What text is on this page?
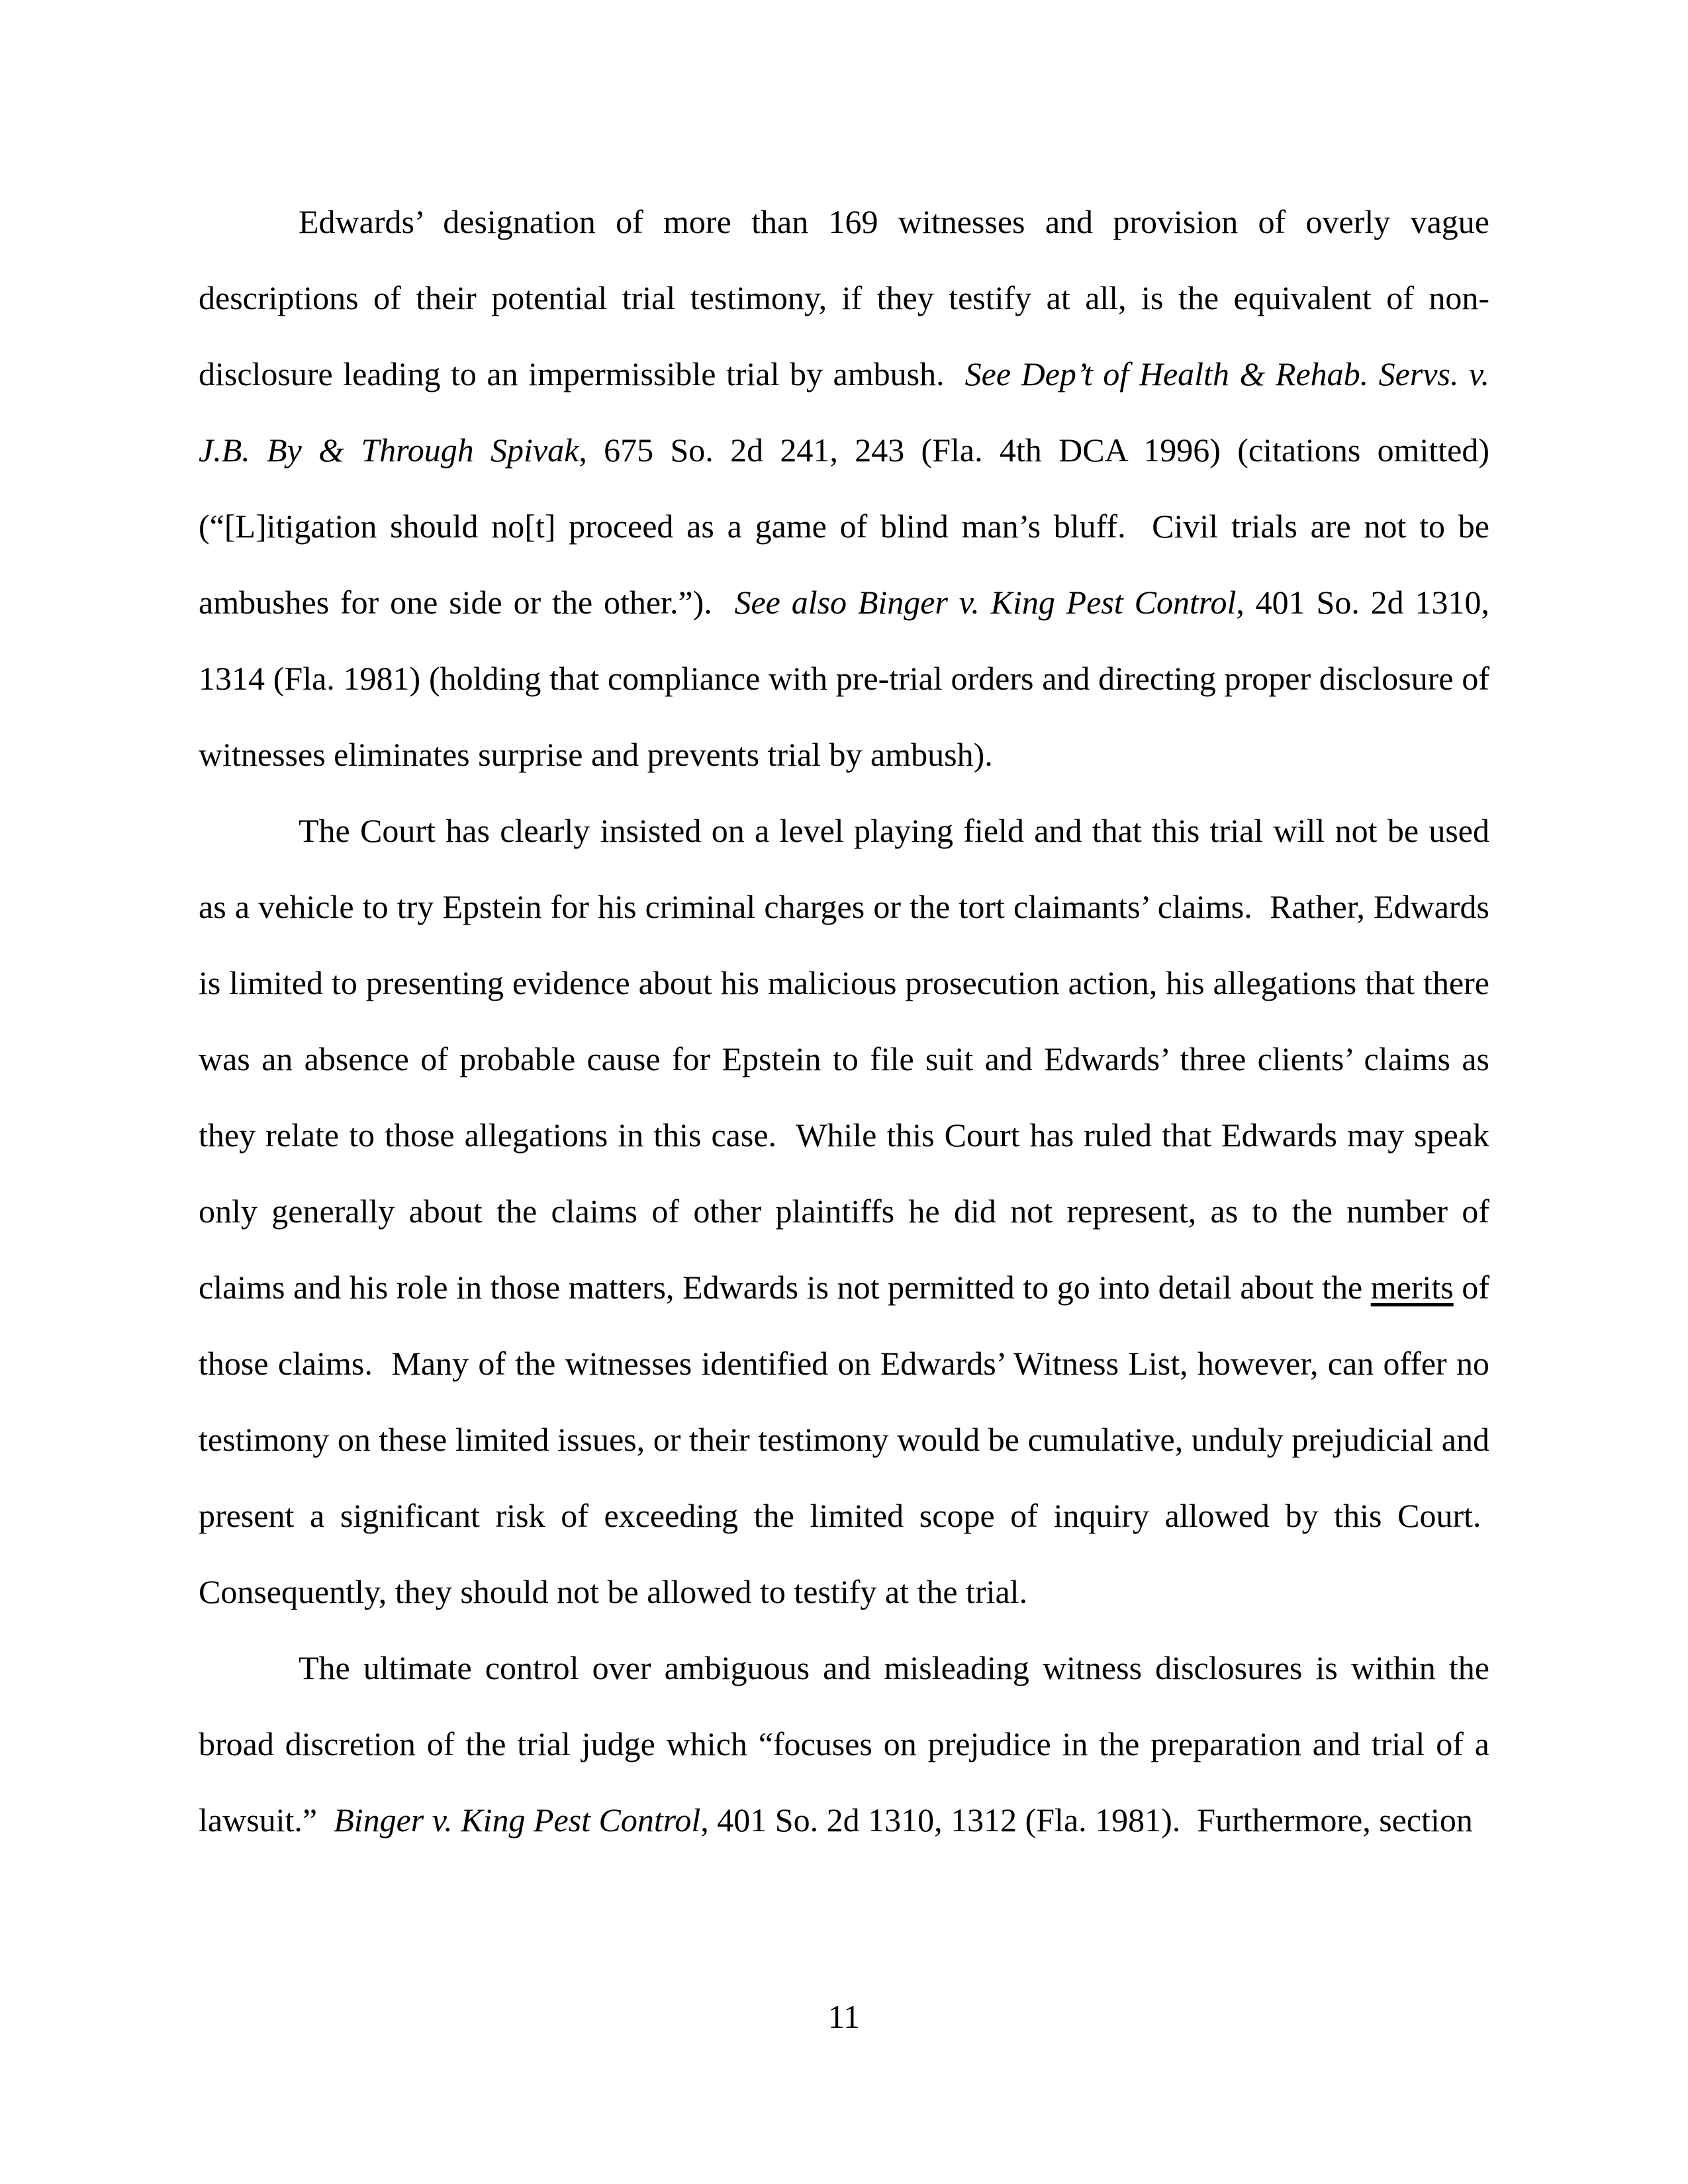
Edwards’ designation of more than 169 witnesses and provision of overly vague descriptions of their potential trial testimony, if they testify at all, is the equivalent of non-disclosure leading to an impermissible trial by ambush.  See Dep’t of Health & Rehab. Servs. v. J.B. By & Through Spivak, 675 So. 2d 241, 243 (Fla. 4th DCA 1996) (citations omitted) (“[L]itigation should no[t] proceed as a game of blind man’s bluff.  Civil trials are not to be ambushes for one side or the other.”).  See also Binger v. King Pest Control, 401 So. 2d 1310, 1314 (Fla. 1981) (holding that compliance with pre-trial orders and directing proper disclosure of witnesses eliminates surprise and prevents trial by ambush).

The Court has clearly insisted on a level playing field and that this trial will not be used as a vehicle to try Epstein for his criminal charges or the tort claimants’ claims.  Rather, Edwards is limited to presenting evidence about his malicious prosecution action, his allegations that there was an absence of probable cause for Epstein to file suit and Edwards’ three clients’ claims as they relate to those allegations in this case.  While this Court has ruled that Edwards may speak only generally about the claims of other plaintiffs he did not represent, as to the number of claims and his role in those matters, Edwards is not permitted to go into detail about the merits of those claims.  Many of the witnesses identified on Edwards’ Witness List, however, can offer no testimony on these limited issues, or their testimony would be cumulative, unduly prejudicial and present a significant risk of exceeding the limited scope of inquiry allowed by this Court.  Consequently, they should not be allowed to testify at the trial.

The ultimate control over ambiguous and misleading witness disclosures is within the broad discretion of the trial judge which “focuses on prejudice in the preparation and trial of a lawsuit.”  Binger v. King Pest Control, 401 So. 2d 1310, 1312 (Fla. 1981).  Furthermore, section

11
